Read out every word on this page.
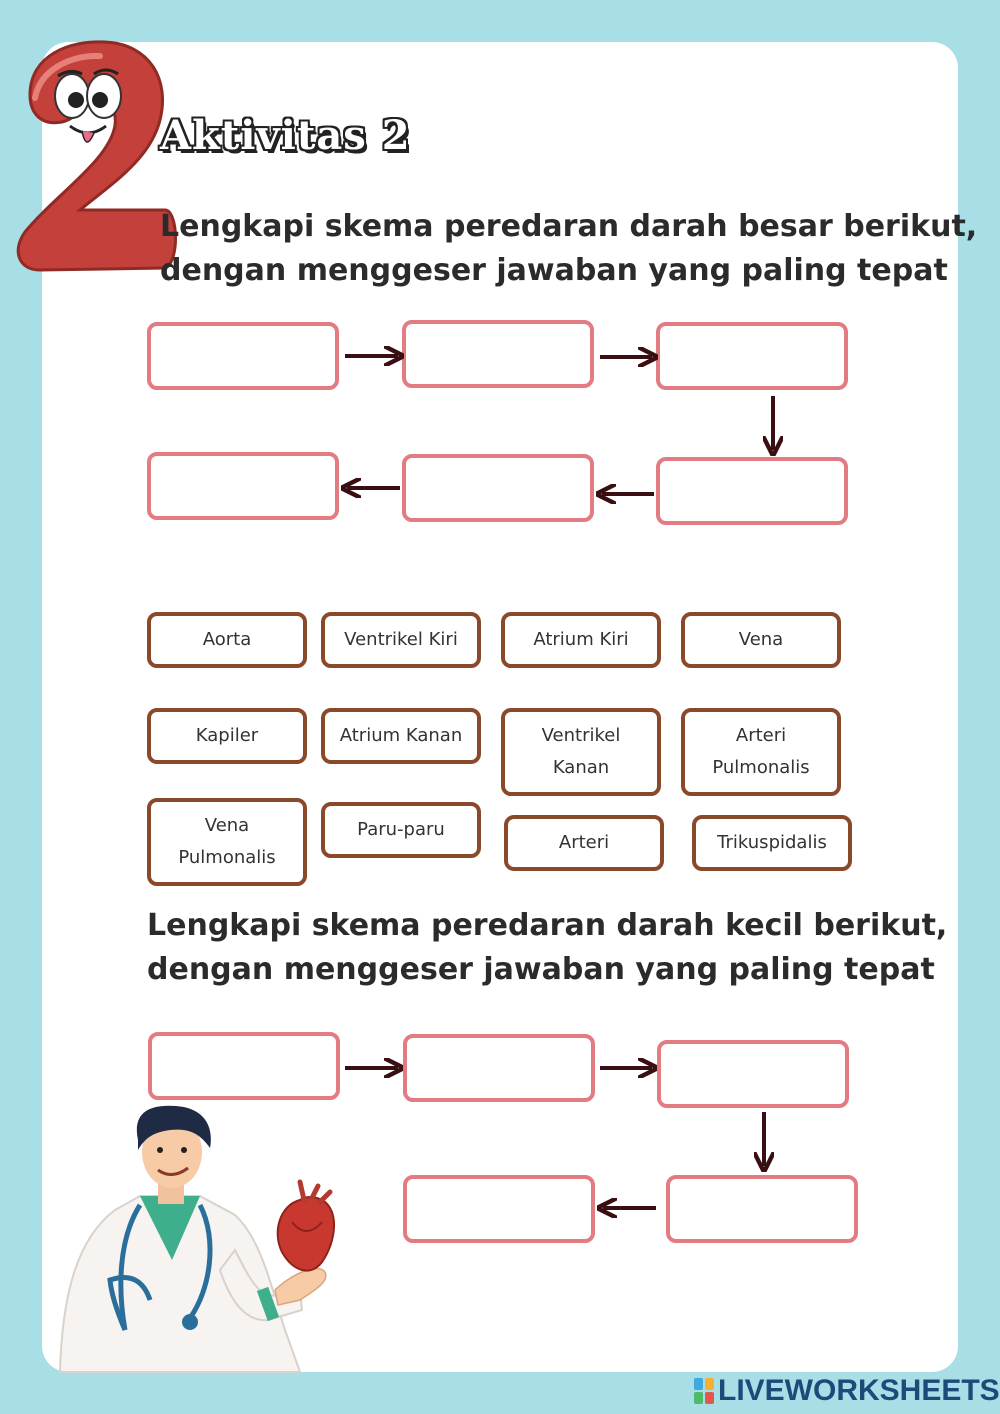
Aktivitas 2

Lengkapi skema peredaran darah besar berikut,
dengan menggeser jawaban yang paling tepat

Aorta	Ventrikel Kiri	Atrium Kiri	Vena
Kapiler	Atrium Kanan	Ventrikel
Kanan
Arteri
Pulmonalis
Vena
Pulmonalis
Paru-paru
Arteri	Trikuspidalis

Lengkapi skema peredaran darah kecil berikut,
dengan menggeser jawaban yang paling tepat

LIVEWORKSHEETS
